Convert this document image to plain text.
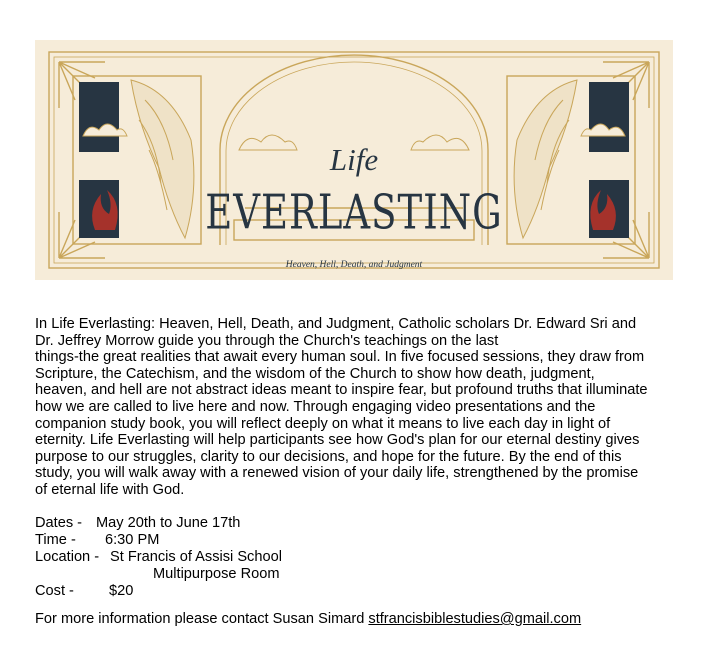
Life
EVERLASTING
Heaven, Hell, Death, and Judgment

In Life Everlasting: Heaven, Hell, Death, and Judgment, Catholic scholars Dr. Edward Sri and
Dr. Jeffrey Morrow guide you through the Church's teachings on the last
things-the great realities that await every human soul. In five focused sessions, they draw from
Scripture, the Catechism, and the wisdom of the Church to show how death, judgment,
heaven, and hell are not abstract ideas meant to inspire fear, but profound truths that illuminate
how we are called to live here and now. Through engaging video presentations and the
companion study book, you will reflect deeply on what it means to live each day in light of
eternity. Life Everlasting will help participants see how God's plan for our eternal destiny gives
purpose to our struggles, clarity to our decisions, and hope for the future. By the end of this
study, you will walk away with a renewed vision of your daily life, strengthened by the promise
of eternal life with God.

Dates - May 20th to June 17th
Time - 6:30 PM
Location - St Francis of Assisi School
Multipurpose Room
Cost - $20
For more information please contact Susan Simard stfrancisbiblestudies@gmail.com
